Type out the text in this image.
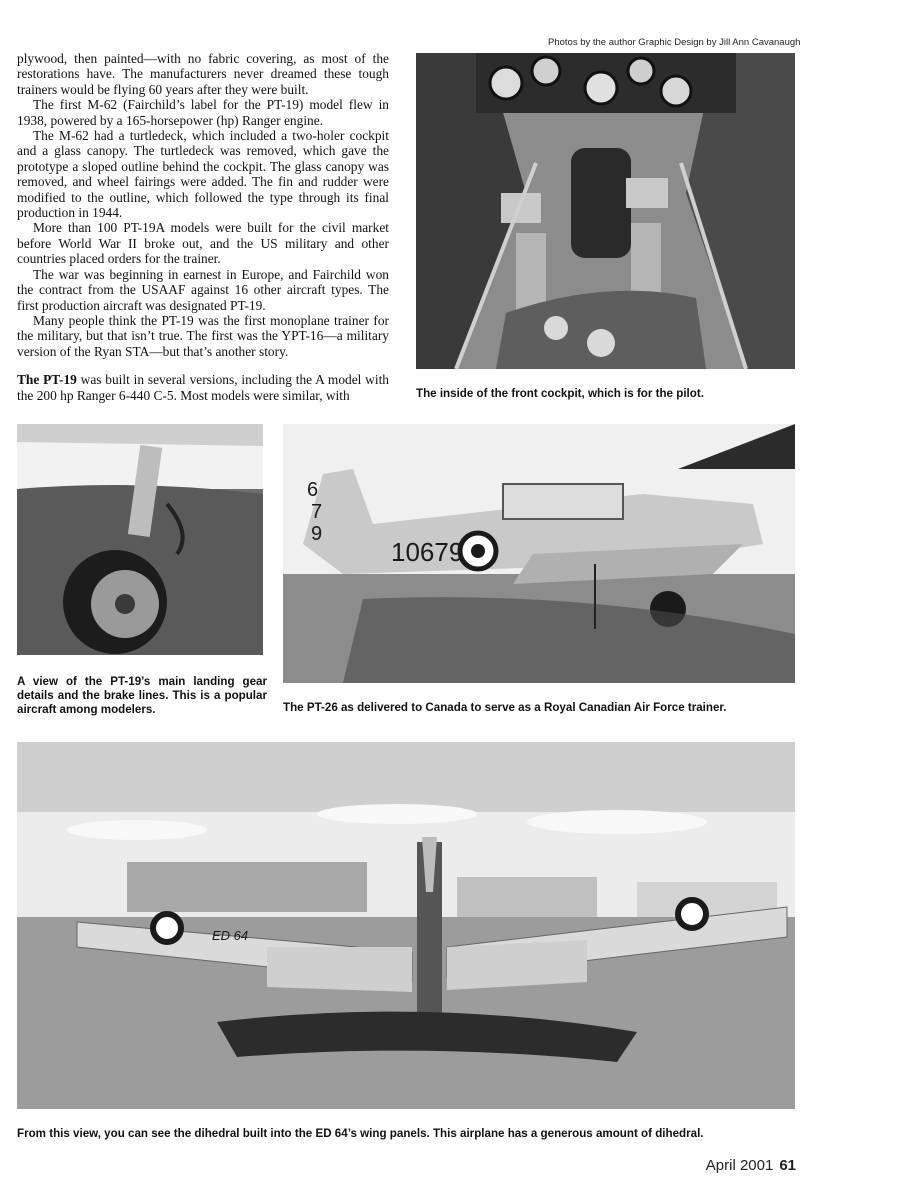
Photos by the author Graphic Design by Jill Ann Cavanaugh

plywood, then painted—with no fabric covering, as most of the restorations have. The manufacturers never dreamed these tough trainers would be flying 60 years after they were built.

The first M-62 (Fairchild’s label for the PT-19) model flew in 1938, powered by a 165-horsepower (hp) Ranger engine.

The M-62 had a turtledeck, which included a two-holer cockpit and a glass canopy. The turtledeck was removed, which gave the prototype a sloped outline behind the cockpit. The glass canopy was removed, and wheel fairings were added. The fin and rudder were modified to the outline, which followed the type through its final production in 1944.

More than 100 PT-19A models were built for the civil market before World War II broke out, and the US military and other countries placed orders for the trainer.

The war was beginning in earnest in Europe, and Fairchild won the contract from the USAAF against 16 other aircraft types. The first production aircraft was designated PT-19.

Many people think the PT-19 was the first monoplane trainer for the military, but that isn’t true. The first was the YPT-16—a military version of the Ryan STA—but that’s another story.

The PT-19 was built in several versions, including the A model with the 200 hp Ranger 6-440 C-5. Most models were similar, with	The inside of the front cockpit, which is for the pilot.
A view of the PT-19’s main landing gear details and the brake lines. This is a popular aircraft among modelers.
10679
6
7
9
The PT-26 as delivered to Canada to serve as a Royal Canadian Air Force trainer.
ED 64
From this view, you can see the dihedral built into the ED 64’s wing panels. This airplane has a generous amount of dihedral.
April 2001 61
